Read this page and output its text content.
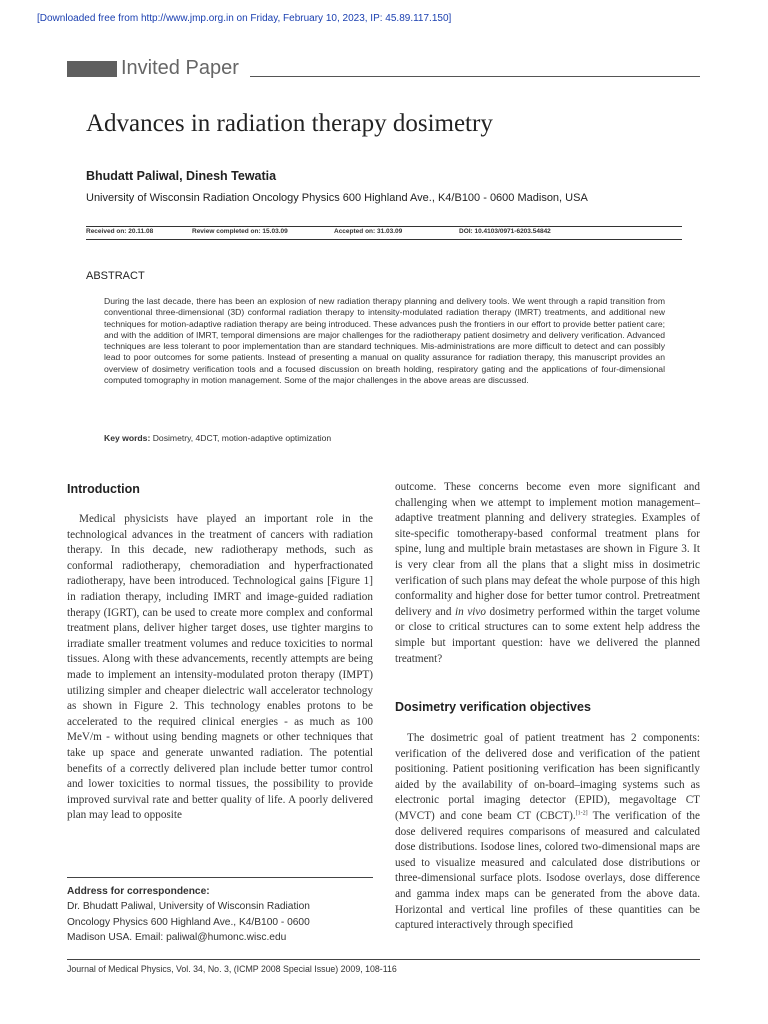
[Downloaded free from http://www.jmp.org.in on Friday, February 10, 2023, IP: 45.89.117.150]
Invited Paper
Advances in radiation therapy dosimetry
Bhudatt Paliwal, Dinesh Tewatia
University of Wisconsin Radiation Oncology Physics 600 Highland Ave., K4/B100 - 0600 Madison, USA
Received on: 20.11.08	Review completed on: 15.03.09	Accepted on: 31.03.09	DOI: 10.4103/0971-6203.54842
ABSTRACT

During the last decade, there has been an explosion of new radiation therapy planning and delivery tools. We went through a rapid transition from conventional three-dimensional (3D) conformal radiation therapy to intensity-modulated radiation therapy (IMRT) treatments, and additional new techniques for motion-adaptive radiation therapy are being introduced. These advances push the frontiers in our effort to provide better patient care; and with the addition of IMRT, temporal dimensions are major challenges for the radiotherapy patient dosimetry and delivery verification. Advanced techniques are less tolerant to poor implementation than are standard techniques. Mis-administrations are more difficult to detect and can possibly lead to poor outcomes for some patients. Instead of presenting a manual on quality assurance for radiation therapy, this manuscript provides an overview of dosimetry verification tools and a focused discussion on breath holding, respiratory gating and the applications of four-dimensional computed tomography in motion management. Some of the major challenges in the above areas are discussed.

Key words: Dosimetry, 4DCT, motion-adaptive optimization
Introduction

Medical physicists have played an important role in the technological advances in the treatment of cancers with radiation therapy. In this decade, new radiotherapy methods, such as conformal radiotherapy, chemoradiation and hyperfractionated radiotherapy, have been introduced. Technological gains [Figure 1] in radiation therapy, including IMRT and image-guided radiation therapy (IGRT), can be used to create more complex and conformal treatment plans, deliver higher target doses, use tighter margins to irradiate smaller treatment volumes and reduce toxicities to normal tissues. Along with these advancements, recently attempts are being made to implement an intensity-modulated proton therapy (IMPT) utilizing simpler and cheaper dielectric wall accelerator technology as shown in Figure 2. This technology enables protons to be accelerated to the required clinical energies - as much as 100 MeV/m - without using bending magnets or other techniques that take up space and generate unwanted radiation. The potential benefits of a correctly delivered plan include better tumor control and lower toxicities to normal tissues, the possibility to provide improved survival rate and better quality of life. A poorly delivered plan may lead to opposite

Address for correspondence:
Dr. Bhudatt Paliwal, University of Wisconsin Radiation
Oncology Physics 600 Highland Ave., K4/B100 - 0600
Madison USA. Email: paliwal@humonc.wisc.edu

outcome. These concerns become even more significant and challenging when we attempt to implement motion management–adaptive treatment planning and delivery strategies. Examples of site-specific tomotherapy-based conformal treatment plans for spine, lung and multiple brain metastases are shown in Figure 3. It is very clear from all the plans that a slight miss in dosimetric verification of such plans may defeat the whole purpose of this high conformality and higher dose for better tumor control. Pretreatment delivery and in vivo dosimetry performed within the target volume or close to critical structures can to some extent help address the simple but important question: have we delivered the planned treatment?

Dosimetry verification objectives

The dosimetric goal of patient treatment has 2 components: verification of the delivered dose and verification of the patient positioning. Patient positioning verification has been significantly aided by the availability of on-board–imaging systems such as electronic portal imaging detector (EPID), megavoltage CT (MVCT) and cone beam CT (CBCT).[1-2] The verification of the dose delivered requires comparisons of measured and calculated dose distributions. Isodose lines, colored two-dimensional maps are used to visualize measured and calculated dose distributions or three-dimensional surface plots. Isodose overlays, dose difference and gamma index maps can be generated from the above data. Horizontal and vertical line profiles of these quantities can be captured interactively through specified

Journal of Medical Physics, Vol. 34, No. 3, (ICMP 2008 Special Issue) 2009, 108-116
